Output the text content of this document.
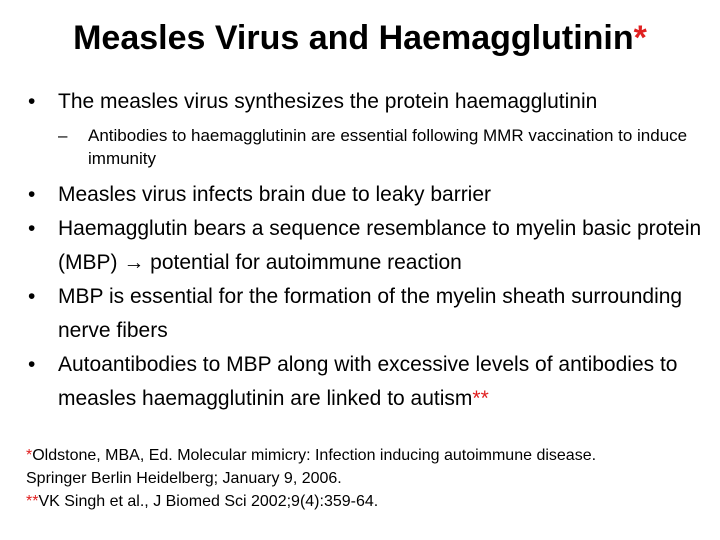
Measles Virus and Haemagglutinin*
• The measles virus synthesizes the protein haemagglutinin
– Antibodies to haemagglutinin are essential following MMR vaccination to induce immunity
• Measles virus infects brain due to leaky barrier
• Haemagglutin bears a sequence resemblance to myelin basic protein (MBP) → potential for autoimmune reaction
• MBP is essential for the formation of the myelin sheath surrounding nerve fibers
• Autoantibodies to MBP along with excessive levels of antibodies to measles haemagglutinin are linked to autism**
*Oldstone, MBA, Ed. Molecular mimicry: Infection inducing autoimmune disease.
Springer Berlin Heidelberg; January 9, 2006.
**VK Singh et al., J Biomed Sci 2002;9(4):359-64.
